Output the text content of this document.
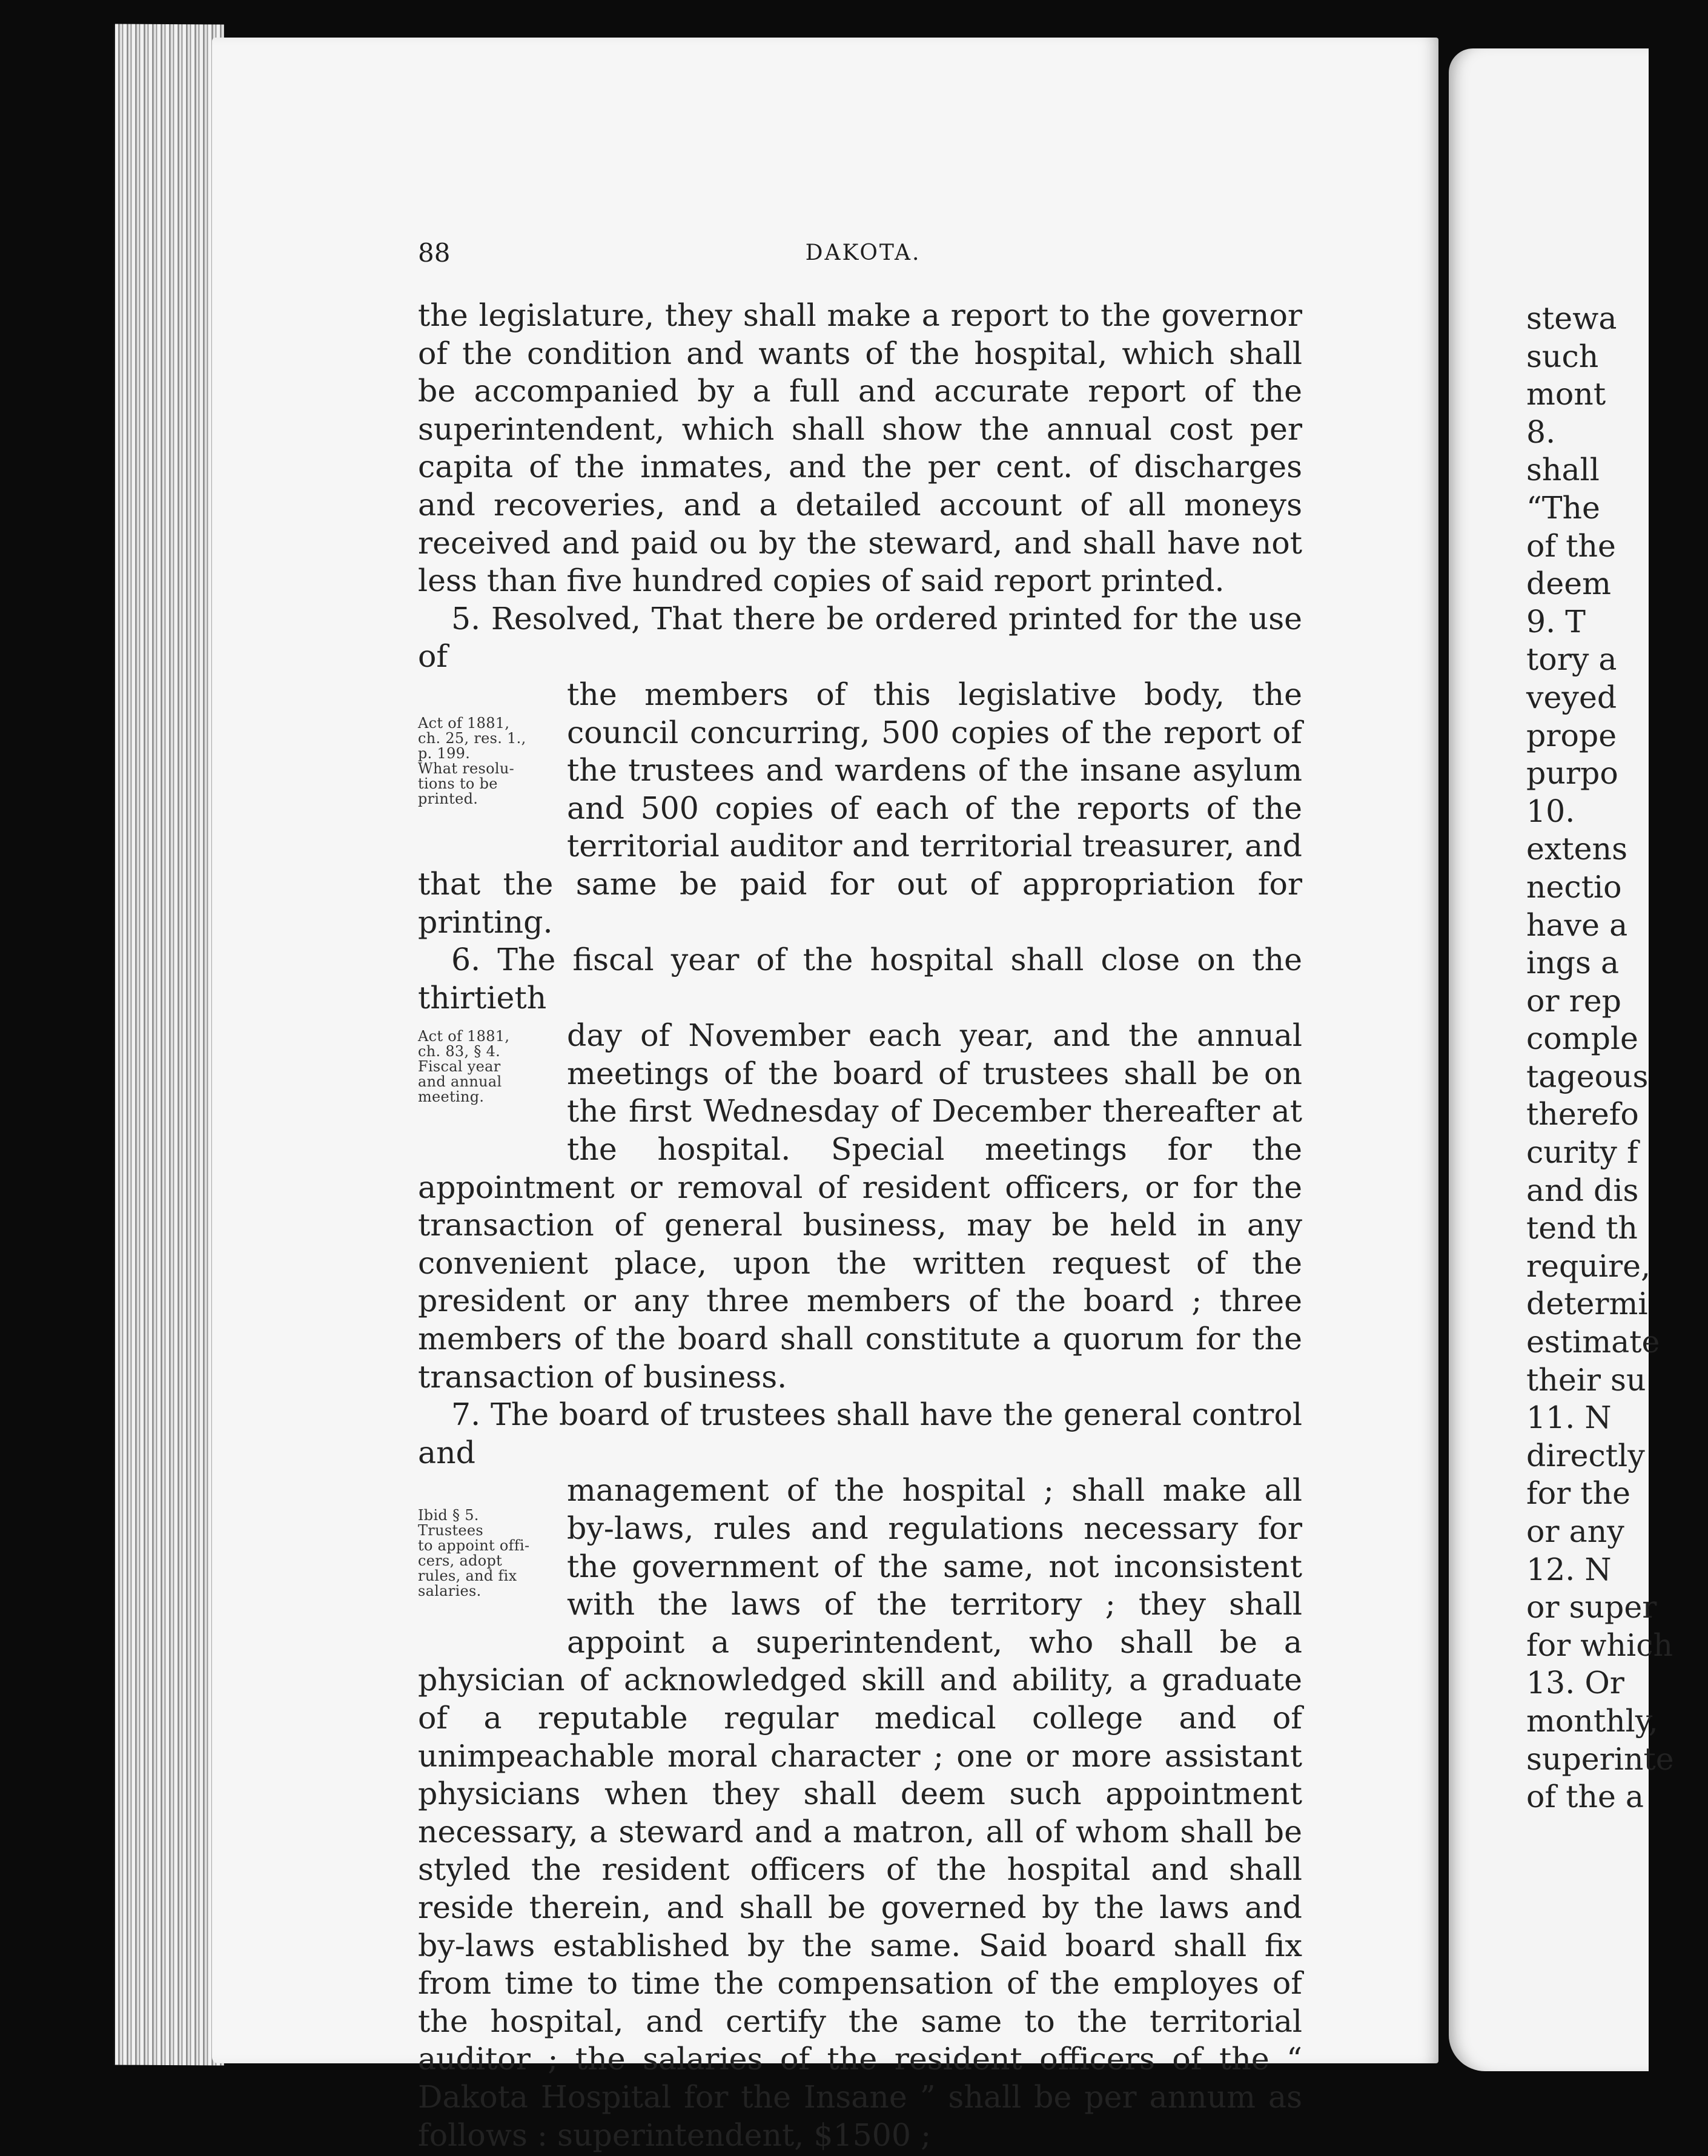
88	DAKOTA.

the legislature, they shall make a report to the governor of the condition and wants of the hospital, which shall be accompanied by a full and accurate report of the superintendent, which shall show the annual cost per capita of the inmates, and the per cent. of discharges and recoveries, and a detailed account of all moneys received and paid ou by the steward, and shall have not less than five hundred copies of said report printed.

5. Resolved, That there be ordered printed for the use of

Act of 1881,
ch. 25, res. 1.,
p. 199.
What resolu-
tions to be
printed.

the members of this legislative body, the council concurring, 500 copies of the report of the trustees and wardens of the insane asylum and 500 copies of each of the reports of the territorial auditor and territorial treasurer, and that the same be paid for out of appropriation for printing.

6. The fiscal year of the hospital shall close on the thirtieth

Act of 1881,
ch. 83, § 4.
Fiscal year
and annual
meeting.

day of November each year, and the annual meetings of the board of trustees shall be on the first Wednesday of December thereafter at the hospital. Special meetings for the appointment or removal of resident officers, or for the transaction of general business, may be held in any convenient place, upon the written request of the president or any three members of the board ; three members of the board shall constitute a quorum for the transaction of business.

7. The board of trustees shall have the general control and

Ibid § 5.
Trustees
to appoint offi-
cers, adopt
rules, and fix
salaries.

management of the hospital ; shall make all by-laws, rules and regulations necessary for the government of the same, not inconsistent with the laws of the territory ; they shall appoint a superintendent, who shall be a physician of acknowledged skill and ability, a graduate of a reputable regular medical college and of unimpeachable moral character ; one or more assistant physicians when they shall deem such appointment necessary, a steward and a matron, all of whom shall be styled the resident officers of the hospital and shall reside therein, and shall be governed by the laws and by-laws established by the same. Said board shall fix from time to time the compensation of the employes of the hospital, and certify the same to the territorial auditor ; the salaries of the resident officers of the “ Dakota Hospital for the Insane ” shall be per annum as follows : superintendent, $1500 ;

stewa
such
mont
8.
shall
“The
of the
deem
9. T
tory a
veyed
prope
purpo
10.
extens
nectio
have a
ings a
or rep
comple
tageous
therefo
curity f
and dis
tend th
require,
determi
estimate
their su
11. N
directly
for the
or any
12. N
or super
for which
13. Or
monthly,
superinte
of the a
